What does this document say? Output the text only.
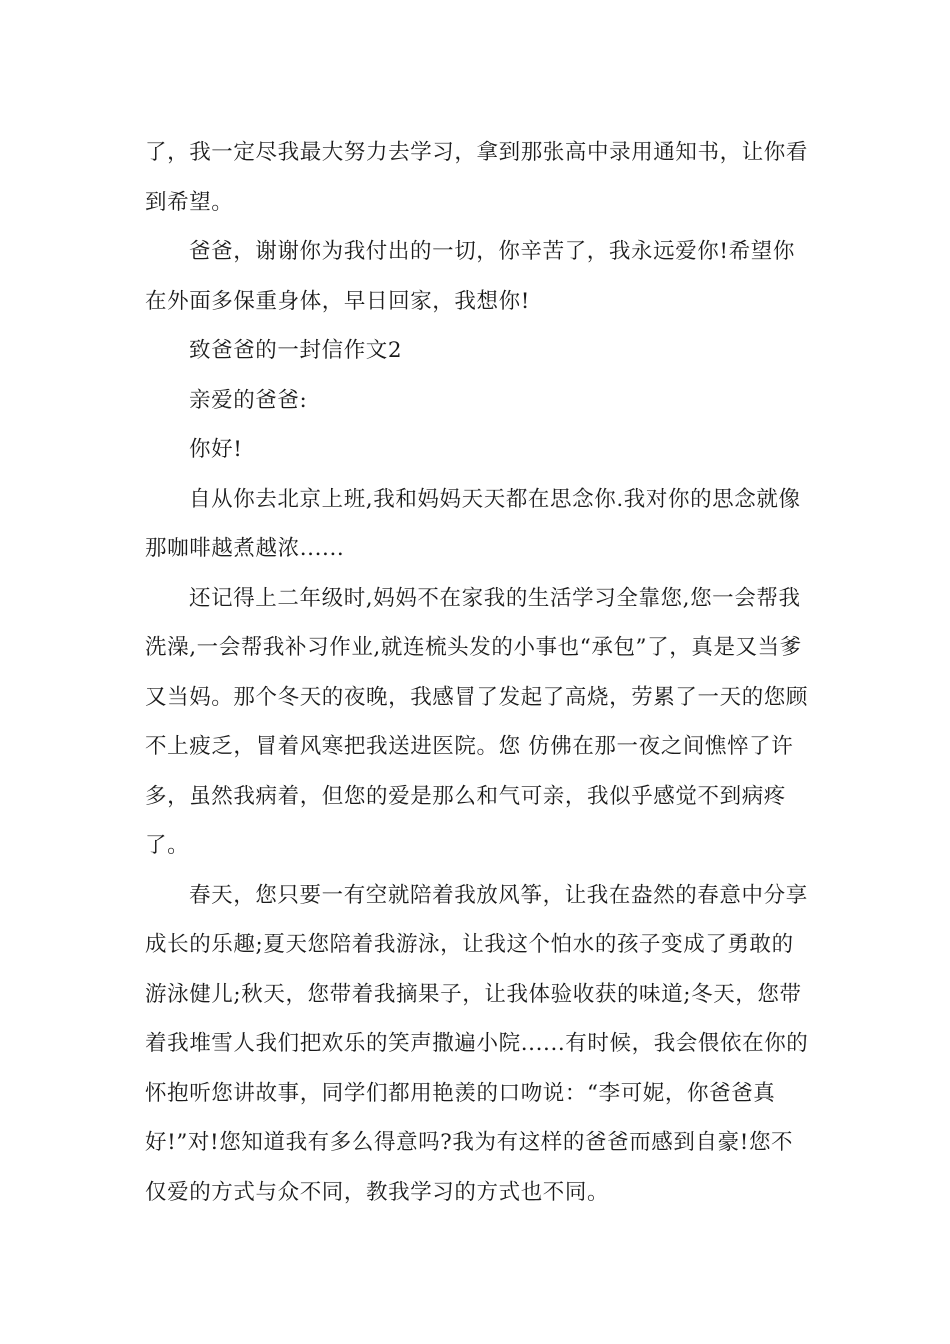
了，我一定尽我最大努力去学习，拿到那张高中录用通知书，让你看到希望。

爸爸，谢谢你为我付出的一切，你辛苦了，我永远爱你!希望你在外面多保重身体，早日回家，我想你!

致爸爸的一封信作文2

亲爱的爸爸:

你好!

自从你去北京上班,我和妈妈天天都在思念你.我对你的思念就像那咖啡越煮越浓......

还记得上二年级时,妈妈不在家我的生活学习全靠您,您一会帮我洗澡,一会帮我补习作业,就连梳头发的小事也“承包”了，真是又当爹又当妈。那个冬天的夜晚，我感冒了发起了高烧，劳累了一天的您顾不上疲乏，冒着风寒把我送进医院。您 仿佛在那一夜之间憔悴了许多，虽然我病着，但您的爱是那么和气可亲，我似乎感觉不到病疼了。

春天，您只要一有空就陪着我放风筝，让我在盎然的春意中分享成长的乐趣;夏天您陪着我游泳，让我这个怕水的孩子变成了勇敢的游泳健儿;秋天，您带着我摘果子，让我体验收获的味道;冬天，您带着我堆雪人我们把欢乐的笑声撒遍小院......有时候，我会偎依在你的怀抱听您讲故事，同学们都用艳羡的口吻说：“李可妮，你爸爸真好!”对!您知道我有多么得意吗?我为有这样的爸爸而感到自豪!您不仅爱的方式与众不同，教我学习的方式也不同。
